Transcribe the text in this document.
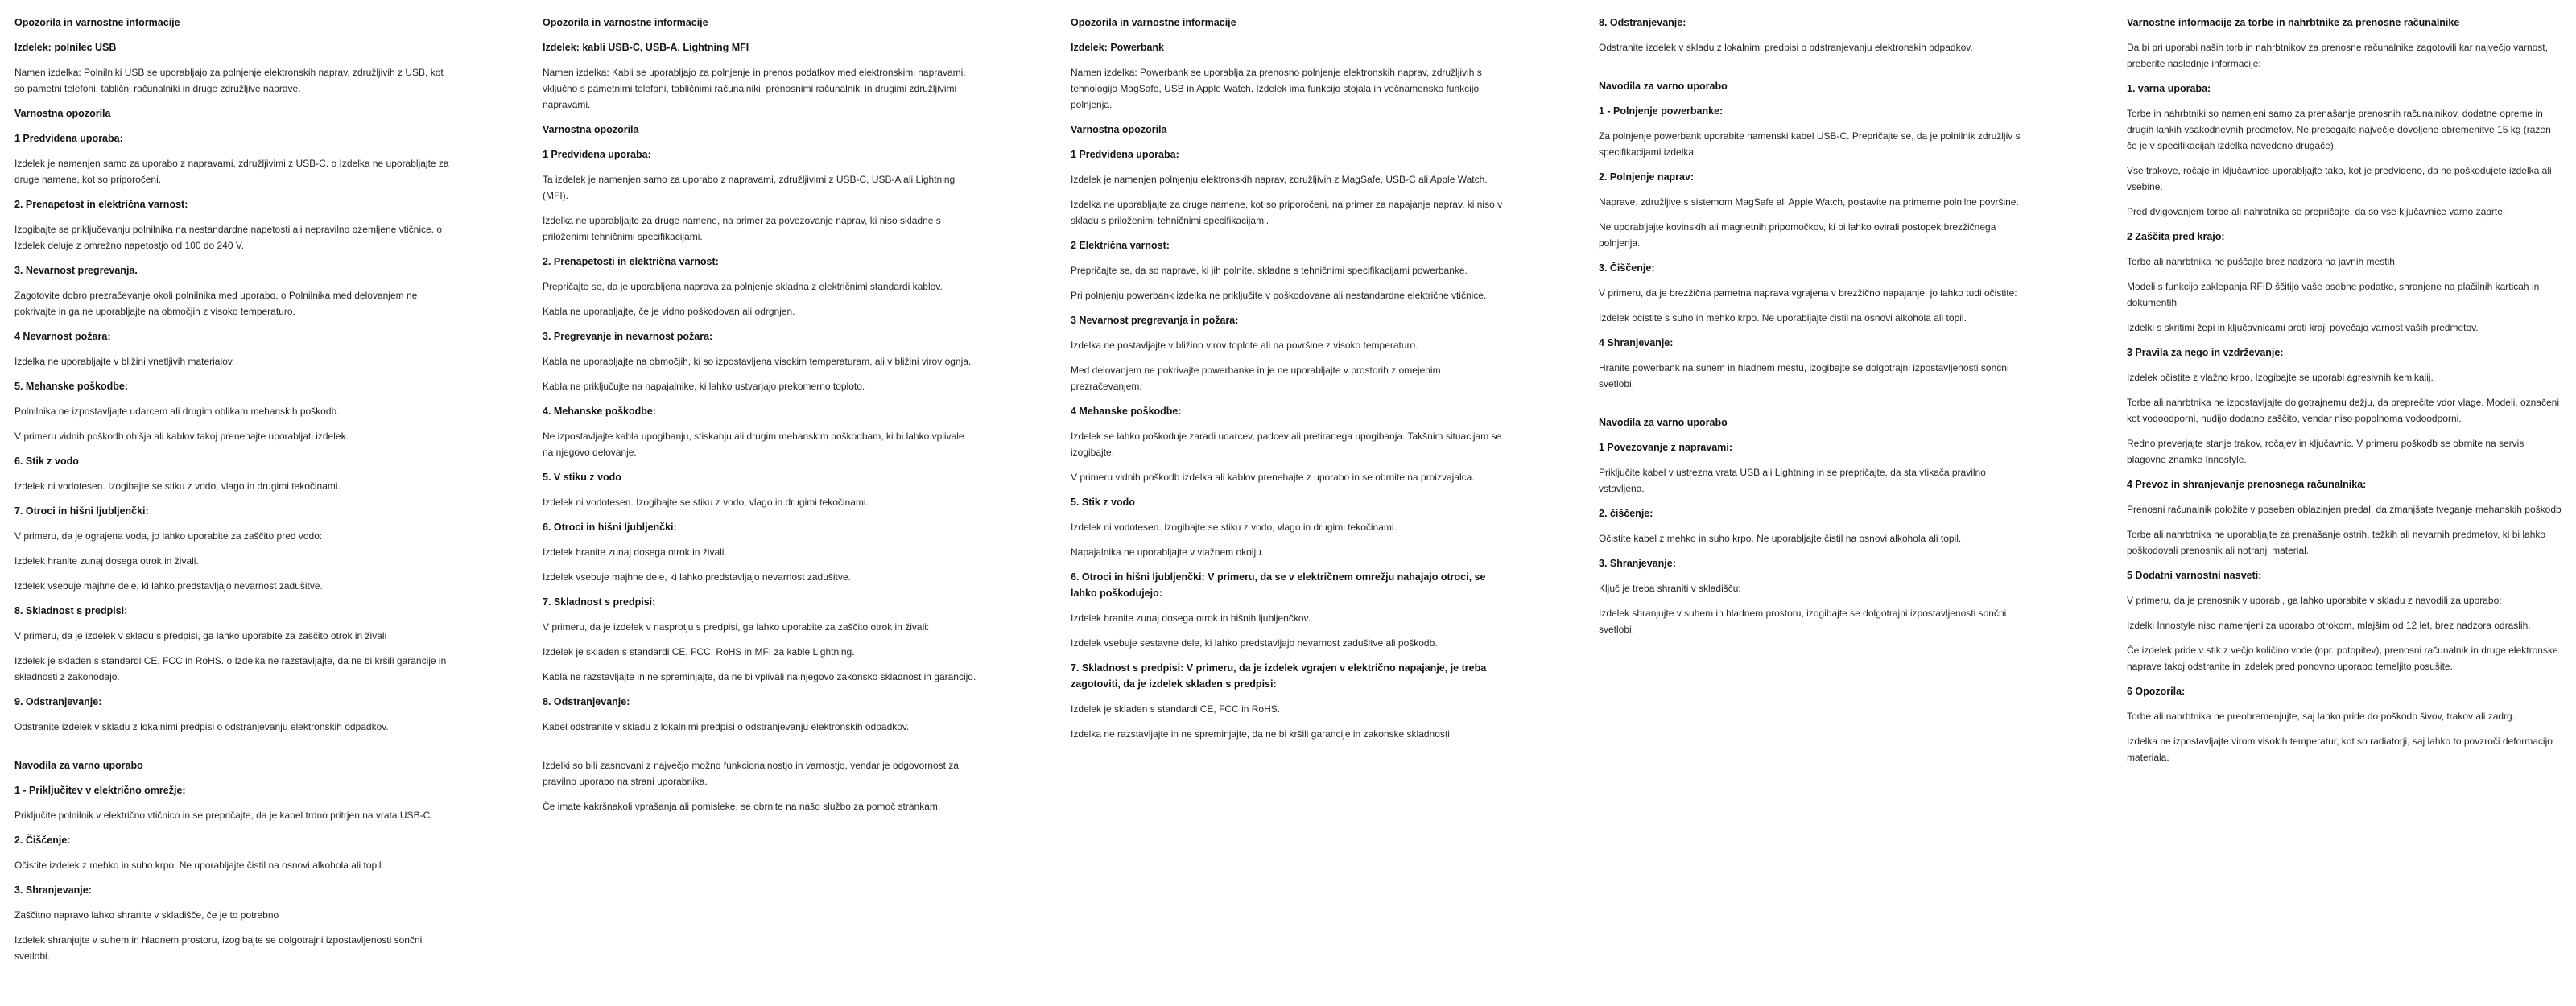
Opozorila in varnostne informacije
Izdelek: polnilec USB
Namen izdelka: Polnilniki USB se uporabljajo za polnjenje elektronskih naprav, združljivih z USB, kot so pametni telefoni, tablični računalniki in druge združljive naprave.
Varnostna opozorila
1 Predvidena uporaba:
Izdelek je namenjen samo za uporabo z napravami, združljivimi z USB-C. o Izdelka ne uporabljajte za druge namene, kot so priporočeni.
2. Prenapetost in električna varnost:
Izogibajte se priključevanju polnilnika na nestandardne napetosti ali nepravilno ozemljene vtičnice. o Izdelek deluje z omrežno napetostjo od 100 do 240 V.
3. Nevarnost pregrevanja.
Zagotovite dobro prezračevanje okoli polnilnika med uporabo. o Polnilnika med delovanjem ne pokrivajte in ga ne uporabljajte na območjih z visoko temperaturo.
4 Nevarnost požara:
Izdelka ne uporabljajte v bližini vnetljivih materialov.
5. Mehanske poškodbe:
Polnilnika ne izpostavljajte udarcem ali drugim oblikam mehanskih poškodb.
V primeru vidnih poškodb ohišja ali kablov takoj prenehajte uporabljati izdelek.
6. Stik z vodo
Izdelek ni vodotesen. Izogibajte se stiku z vodo, vlago in drugimi tekočinami.
7. Otroci in hišni ljubljenčki:
V primeru, da je ograjena voda, jo lahko uporabite za zaščito pred vodo:
Izdelek hranite zunaj dosega otrok in živali.
Izdelek vsebuje majhne dele, ki lahko predstavljajo nevarnost zadušitve.
8. Skladnost s predpisi:
V primeru, da je izdelek v skladu s predpisi, ga lahko uporabite za zaščito otrok in živali
Izdelek je skladen s standardi CE, FCC in RoHS. o Izdelka ne razstavljajte, da ne bi kršili garancije in skladnosti z zakonodajo.
9. Odstranjevanje:
Odstranite izdelek v skladu z lokalnimi predpisi o odstranjevanju elektronskih odpadkov.
Navodila za varno uporabo
1 - Priključitev v električno omrežje:
Priključite polnilnik v električno vtičnico in se prepričajte, da je kabel trdno pritrjen na vrata USB-C.
2. Čiščenje:
Očistite izdelek z mehko in suho krpo. Ne uporabljajte čistil na osnovi alkohola ali topil.
3. Shranjevanje:
Zaščitno napravo lahko shranite v skladišče, če je to potrebno
Izdelek shranjujte v suhem in hladnem prostoru, izogibajte se dolgotrajni izpostavljenosti sončni svetlobi.
Opozorila in varnostne informacije
Izdelek: kabli USB-C, USB-A, Lightning MFI
Namen izdelka: Kabli se uporabljajo za polnjenje in prenos podatkov med elektronskimi napravami, vključno s pametnimi telefoni, tabličnimi računalniki, prenosnimi računalniki in drugimi združljivimi napravami.
Varnostna opozorila
1 Predvidena uporaba:
Ta izdelek je namenjen samo za uporabo z napravami, združljivimi z USB-C, USB-A ali Lightning (MFI).
Izdelka ne uporabljajte za druge namene, na primer za povezovanje naprav, ki niso skladne s priloženimi tehničnimi specifikacijami.
2. Prenapetosti in električna varnost:
Prepričajte se, da je uporabljena naprava za polnjenje skladna z električnimi standardi kablov.
Kabla ne uporabljajte, če je vidno poškodovan ali odrgnjen.
3. Pregrevanje in nevarnost požara:
Kabla ne uporabljajte na območjih, ki so izpostavljena visokim temperaturam, ali v bližini virov ognja.
Kabla ne priključujte na napajalnike, ki lahko ustvarjajo prekomerno toploto.
4. Mehanske poškodbe:
Ne izpostavljajte kabla upogibanju, stiskanju ali drugim mehanskim poškodbam, ki bi lahko vplivale na njegovo delovanje.
5. V stiku z vodo
Izdelek ni vodotesen. Izogibajte se stiku z vodo, vlago in drugimi tekočinami.
6. Otroci in hišni ljubljenčki:
Izdelek hranite zunaj dosega otrok in živali.
Izdelek vsebuje majhne dele, ki lahko predstavljajo nevarnost zadušitve.
7. Skladnost s predpisi:
V primeru, da je izdelek v nasprotju s predpisi, ga lahko uporabite za zaščito otrok in živali:
Izdelek je skladen s standardi CE, FCC, RoHS in MFI za kable Lightning.
Kabla ne razstavljajte in ne spreminjajte, da ne bi vplivali na njegovo zakonsko skladnost in garancijo.
8. Odstranjevanje:
Kabel odstranite v skladu z lokalnimi predpisi o odstranjevanju elektronskih odpadkov.
Izdelki so bili zasnovani z največjo možno funkcionalnostjo in varnostjo, vendar je odgovornost za pravilno uporabo na strani uporabnika.
Če imate kakršnakoli vprašanja ali pomisleke, se obrnite na našo službo za pomoč strankam.
Opozorila in varnostne informacije
Izdelek: Powerbank
Namen izdelka: Powerbank se uporablja za prenosno polnjenje elektronskih naprav, združljivih s tehnologijo MagSafe, USB in Apple Watch. Izdelek ima funkcijo stojala in večnamensko funkcijo polnjenja.
Varnostna opozorila
1 Predvidena uporaba:
Izdelek je namenjen polnjenju elektronskih naprav, združljivih z MagSafe, USB-C ali Apple Watch.
Izdelka ne uporabljajte za druge namene, kot so priporočeni, na primer za napajanje naprav, ki niso v skladu s priloženimi tehničnimi specifikacijami.
2 Električna varnost:
Prepričajte se, da so naprave, ki jih polnite, skladne s tehničnimi specifikacijami powerbanke.
Pri polnjenju powerbank izdelka ne priključite v poškodovane ali nestandardne električne vtičnice.
3 Nevarnost pregrevanja in požara:
Izdelka ne postavljajte v bližino virov toplote ali na površine z visoko temperaturo.
Med delovanjem ne pokrivajte powerbanke in je ne uporabljajte v prostorih z omejenim prezračevanjem.
4 Mehanske poškodbe:
Izdelek se lahko poškoduje zaradi udarcev, padcev ali pretiranega upogibanja. Takšnim situacijam se izogibajte.
V primeru vidnih poškodb izdelka ali kablov prenehajte z uporabo in se obrnite na proizvajalca.
5. Stik z vodo
Izdelek ni vodotesen. Izogibajte se stiku z vodo, vlago in drugimi tekočinami.
Napajalnika ne uporabljajte v vlažnem okolju.
6. Otroci in hišni ljubljenčki: V primeru, da se v električnem omrežju nahajajo otroci, se lahko poškodujejo:
Izdelek hranite zunaj dosega otrok in hišnih ljubljenčkov.
Izdelek vsebuje sestavne dele, ki lahko predstavljajo nevarnost zadušitve ali poškodb.
7. Skladnost s predpisi: V primeru, da je izdelek vgrajen v električno napajanje, je treba zagotoviti, da je izdelek skladen s predpisi:
Izdelek je skladen s standardi CE, FCC in RoHS.
Izdelka ne razstavljajte in ne spreminjajte, da ne bi kršili garancije in zakonske skladnosti.
8. Odstranjevanje:
Odstranite izdelek v skladu z lokalnimi predpisi o odstranjevanju elektronskih odpadkov.
Navodila za varno uporabo
1 - Polnjenje powerbanke:
Za polnjenje powerbank uporabite namenski kabel USB-C. Prepričajte se, da je polnilnik združljiv s specifikacijami izdelka.
2. Polnjenje naprav:
Naprave, združljive s sistemom MagSafe ali Apple Watch, postavite na primerne polnilne površine.
Ne uporabljajte kovinskih ali magnetnih pripomočkov, ki bi lahko ovirali postopek brezžičnega polnjenja.
3. Čiščenje:
V primeru, da je brezžična pametna naprava vgrajena v brezžično napajanje, jo lahko tudi očistite:
Izdelek očistite s suho in mehko krpo. Ne uporabljajte čistil na osnovi alkohola ali topil.
4 Shranjevanje:
Hranite powerbank na suhem in hladnem mestu, izogibajte se dolgotrajni izpostavljenosti sončni svetlobi.
Navodila za varno uporabo
1 Povezovanje z napravami:
Priključite kabel v ustrezna vrata USB ali Lightning in se prepričajte, da sta vtikača pravilno vstavljena.
2. čiščenje:
Očistite kabel z mehko in suho krpo. Ne uporabljajte čistil na osnovi alkohola ali topil.
3. Shranjevanje:
Ključ je treba shraniti v skladišču:
Izdelek shranjujte v suhem in hladnem prostoru, izogibajte se dolgotrajni izpostavljenosti sončni svetlobi.
Varnostne informacije za torbe in nahrbtnike za prenosne računalnike
Da bi pri uporabi naših torb in nahrbtnikov za prenosne računalnike zagotovili kar največjo varnost, preberite naslednje informacije:
1. varna uporaba:
Torbe in nahrbtniki so namenjeni samo za prenašanje prenosnih računalnikov, dodatne opreme in drugih lahkih vsakodnevnih predmetov. Ne presegajte največje dovoljene obremenitve 15 kg (razen če je v specifikacijah izdelka navedeno drugače).
Vse trakove, ročaje in ključavnice uporabljajte tako, kot je predvideno, da ne poškodujete izdelka ali vsebine.
Pred dvigovanjem torbe ali nahrbtnika se prepričajte, da so vse ključavnice varno zaprte.
2 Zaščita pred krajo:
Torbe ali nahrbtnika ne puščajte brez nadzora na javnih mestih.
Modeli s funkcijo zaklepanja RFID ščitijo vaše osebne podatke, shranjene na plačilnih karticah in dokumentih
Izdelki s skritimi žepi in ključavnicami proti kraji povečajo varnost vaših predmetov.
3 Pravila za nego in vzdrževanje:
Izdelek očistite z vlažno krpo. Izogibajte se uporabi agresivnih kemikalij.
Torbe ali nahrbtnika ne izpostavljajte dolgotrajnemu dežju, da preprečite vdor vlage. Modeli, označeni kot vodoodporni, nudijo dodatno zaščito, vendar niso popolnoma vodoodporni.
Redno preverjajte stanje trakov, ročajev in ključavnic. V primeru poškodb se obrnite na servis blagovne znamke Innostyle.
4 Prevoz in shranjevanje prenosnega računalnika:
Prenosni računalnik položite v poseben oblazinjen predal, da zmanjšate tveganje mehanskih poškodb
Torbe ali nahrbtnika ne uporabljajte za prenašanje ostrih, težkih ali nevarnih predmetov, ki bi lahko poškodovali prenosnik ali notranji material.
5 Dodatni varnostni nasveti:
V primeru, da je prenosnik v uporabi, ga lahko uporabite v skladu z navodili za uporabo:
Izdelki Innostyle niso namenjeni za uporabo otrokom, mlajšim od 12 let, brez nadzora odraslih.
Če izdelek pride v stik z večjo količino vode (npr. potopitev), prenosni računalnik in druge elektronske naprave takoj odstranite in izdelek pred ponovno uporabo temeljito posušite.
6 Opozorila:
Torbe ali nahrbtnika ne preobremenjujte, saj lahko pride do poškodb šivov, trakov ali zadrg.
Izdelka ne izpostavljajte virom visokih temperatur, kot so radiatorji, saj lahko to povzroči deformacijo materiala.
